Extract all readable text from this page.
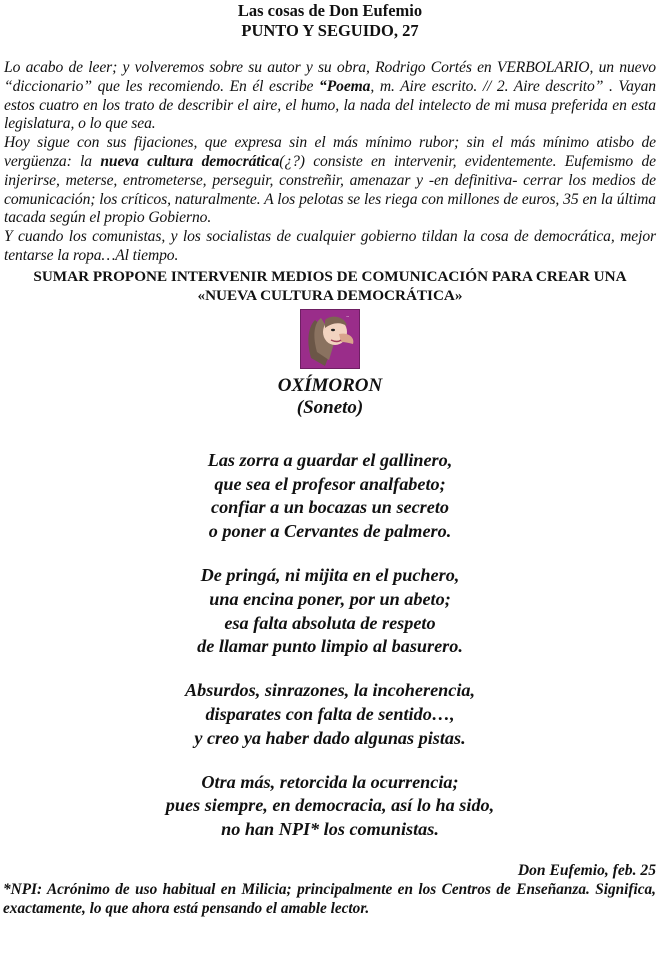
Las cosas de Don Eufemio
PUNTO Y SEGUIDO, 27

Lo acabo de leer; y volveremos sobre su autor y su obra, Rodrigo Cortés en VERBOLARIO, un nuevo “diccionario” que les recomiendo. En él escribe “Poema, m. Aire escrito. // 2. Aire descrito” . Vayan estos cuatro en los trato de describir el aire, el humo, la nada del intelecto de mi musa preferida en esta legislatura, o lo que sea.

Hoy sigue con sus fijaciones, que expresa sin el más mínimo rubor; sin el más mínimo atisbo de vergüenza: la nueva cultura democrática(¿?) consiste en intervenir, evidentemente. Eufemismo de injerirse, meterse, entrometerse, perseguir, constreñir, amenazar y -en definitiva- cerrar los medios de comunicación; los críticos, naturalmente. A los pelotas se les riega con millones de euros, 35 en la última tacada según el propio Gobierno.

Y cuando los comunistas, y los socialistas de cualquier gobierno tildan la cosa de democrática, mejor tentarse la ropa…Al tiempo.

SUMAR PROPONE INTERVENIR MEDIOS DE COMUNICACIÓN PARA CREAR UNA
«NUEVA CULTURA DEMOCRÁTICA»
~
OXÍMORON
(Soneto)
Las zorra a guardar el gallinero,
que sea el profesor analfabeto;
confiar a un bocazas un secreto
o poner a Cervantes de palmero.
De pringá, ni mijita en el puchero,
una encina poner, por un abeto;
esa falta absoluta de respeto
de llamar punto limpio al basurero.
Absurdos, sinrazones, la incoherencia,
disparates con falta de sentido…,
y creo ya haber dado algunas pistas.
Otra más, retorcida la ocurrencia;
pues siempre, en democracia, así lo ha sido,
no han NPI* los comunistas.
Don Eufemio, feb. 25
*NPI: Acrónimo de uso habitual en Milicia; principalmente en los Centros de Enseñanza. Significa, exactamente, lo que ahora está pensando el amable lector.
